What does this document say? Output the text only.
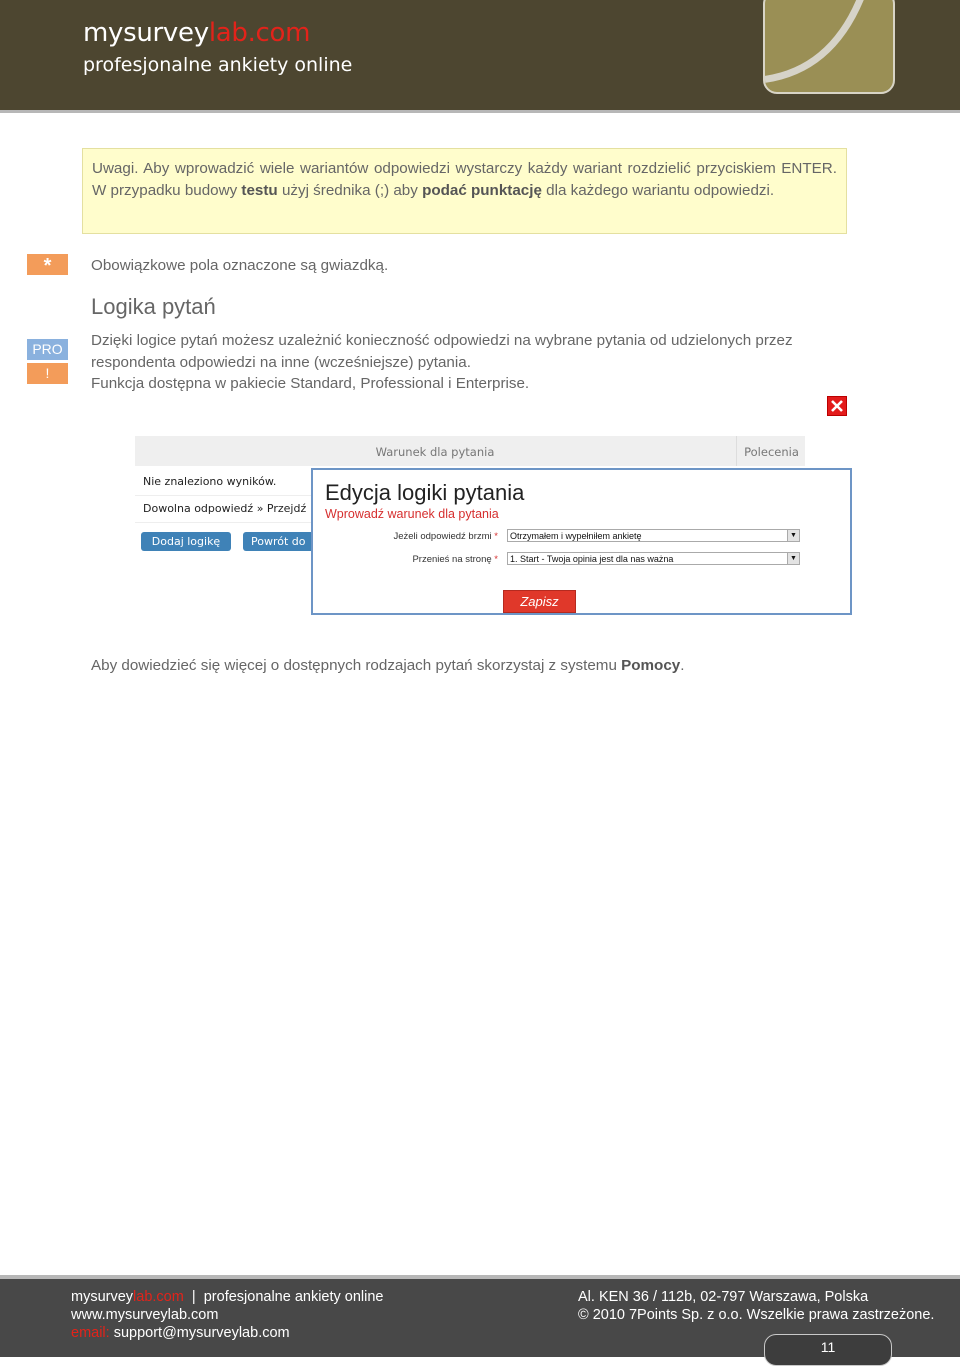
mysurveylab.com
profesjonalne ankiety online
Uwagi. Aby wprowadzić wiele wariantów odpowiedzi wystarczy każdy wariant rozdzielić przyciskiem ENTER. W przypadku budowy testu użyj średnika (;) aby podać punktację dla każdego wariantu odpowiedzi.
*	Obowiązkowe pola oznaczone są gwiazdką.
Logika pytań
PRO
!
Dzięki logice pytań możesz uzależnić konieczność odpowiedzi na wybrane pytania od udzielonych przez respondenta odpowiedzi na inne (wcześniejsze) pytania.
Funkcja dostępna w pakiecie Standard, Professional i Enterprise.
Warunek dla pytania	Polecenia
Nie znaleziono wyników.
Dowolna odpowiedź » Przejdź
Dodaj logikę	Powrót do
Edycja logiki pytania
Wprowadź warunek dla pytania
Jeżeli odpowiedź brzmi *	Otrzymałem i wypełniłem ankietę	▼
Przenieś na stronę *	1. Start - Twoja opinia jest dla nas ważna	▼
Zapisz
Aby dowiedzieć się więcej o dostępnych rodzajach pytań skorzystaj z systemu Pomocy.
mysurveylab.com | profesjonalne ankiety online
www.mysurveylab.com
email: support@mysurveylab.com
Al. KEN 36 / 112b, 02-797 Warszawa, Polska
© 2010 7Points Sp. z o.o. Wszelkie prawa zastrzeżone.
11
